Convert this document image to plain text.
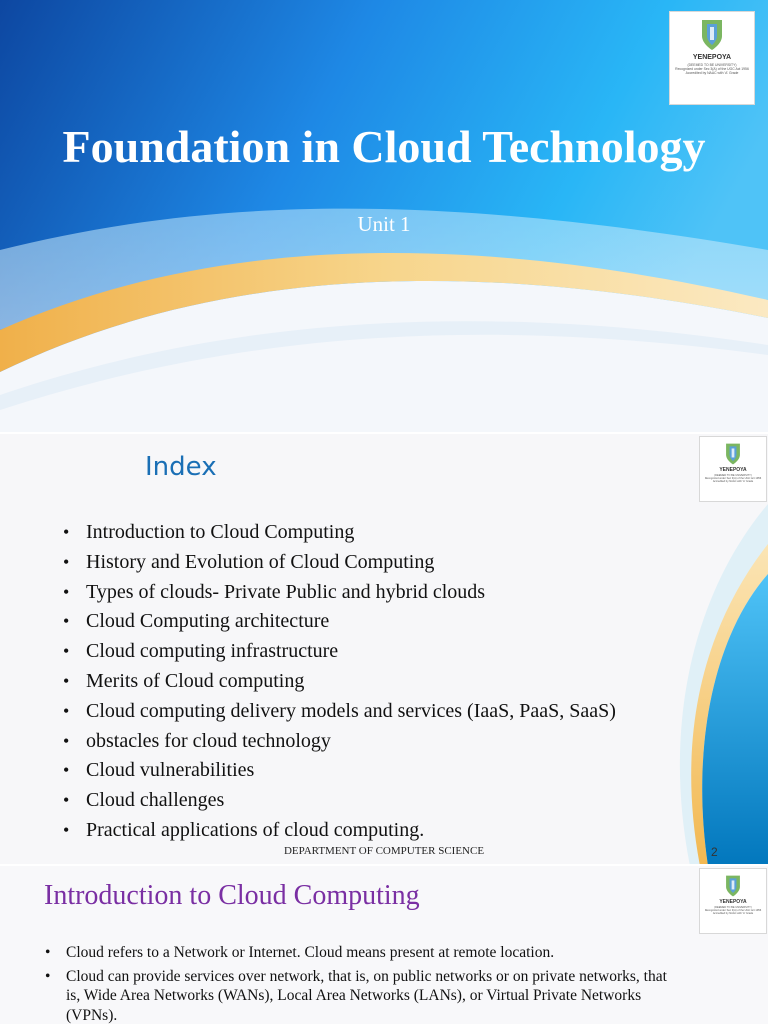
YENEPOYA
(DEEMED TO BE UNIVERSITY)
Recognized under Sec 3(A) of the UGC Act 1956
Accredited by NAAC with 'A' Grade
Foundation in Cloud Technology

Unit 1

YENEPOYA
(DEEMED TO BE UNIVERSITY)
Recognized under Sec 3(A) of the UGC Act 1956
Accredited by NAAC with 'A' Grade
Index
• Introduction to Cloud Computing
• History and Evolution of Cloud Computing
• Types of clouds- Private Public and hybrid clouds
• Cloud Computing architecture
• Cloud computing infrastructure
• Merits of Cloud computing
• Cloud computing delivery models and services (IaaS, PaaS, SaaS)
• obstacles for cloud technology
• Cloud vulnerabilities
• Cloud challenges
• Practical applications of cloud computing.

DEPARTMENT OF COMPUTER SCIENCE	2

YENEPOYA
(DEEMED TO BE UNIVERSITY)
Recognized under Sec 3(A) of the UGC Act 1956
Accredited by NAAC with 'A' Grade
Introduction to Cloud Computing
• Cloud refers to a Network or Internet. Cloud means present at remote location.
• Cloud can provide services over network, that is, on public networks or on private networks, that is, Wide Area Networks (WANs), Local Area Networks (LANs), or Virtual Private Networks (VPNs).
